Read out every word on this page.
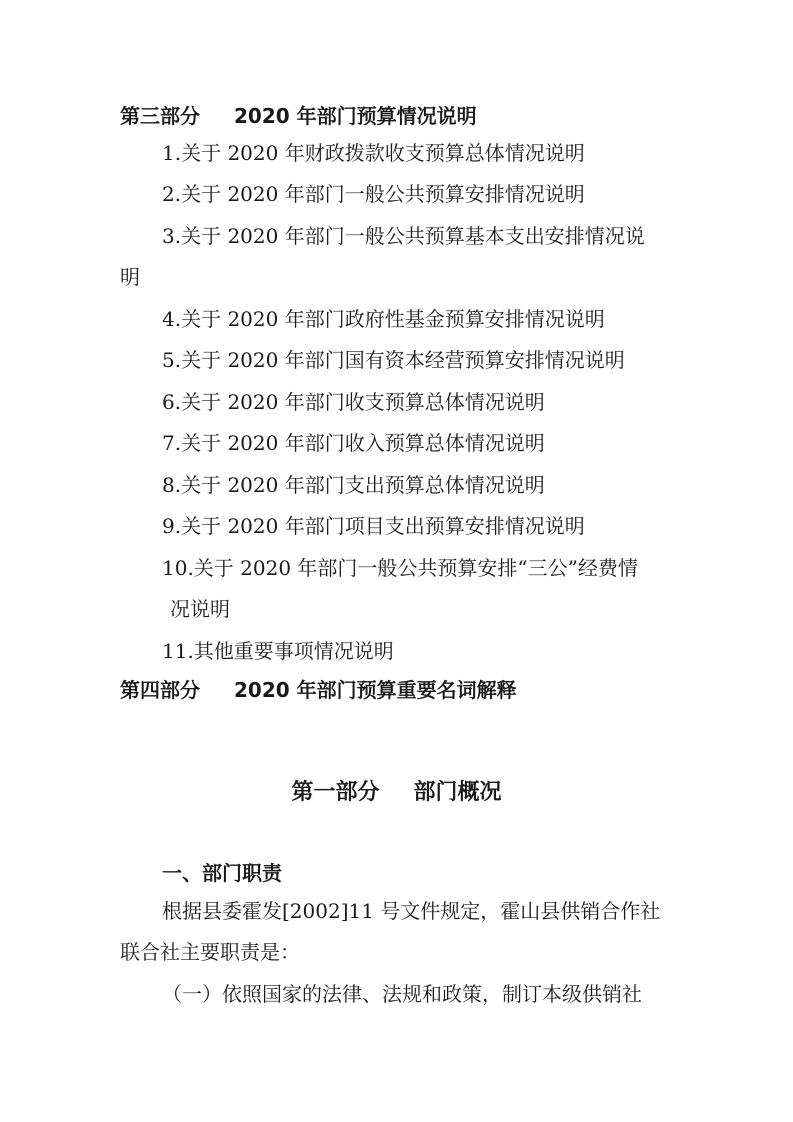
第三部分 2020 年部门预算情况说明
1.关于 2020 年财政拨款收支预算总体情况说明
2.关于 2020 年部门一般公共预算安排情况说明
3.关于 2020 年部门一般公共预算基本支出安排情况说
明
4.关于 2020 年部门政府性基金预算安排情况说明
5.关于 2020 年部门国有资本经营预算安排情况说明
6.关于 2020 年部门收支预算总体情况说明
7.关于 2020 年部门收入预算总体情况说明
8.关于 2020 年部门支出预算总体情况说明
9.关于 2020 年部门项目支出预算安排情况说明
10.关于 2020 年部门一般公共预算安排“三公”经费情
况说明
11.其他重要事项情况说明
第四部分 2020 年部门预算重要名词解释
第一部分 部门概况
一、部门职责
根据县委霍发[2002]11 号文件规定，霍山县供销合作社
联合社主要职责是：
（一）依照国家的法律、法规和政策，制订本级供销社
